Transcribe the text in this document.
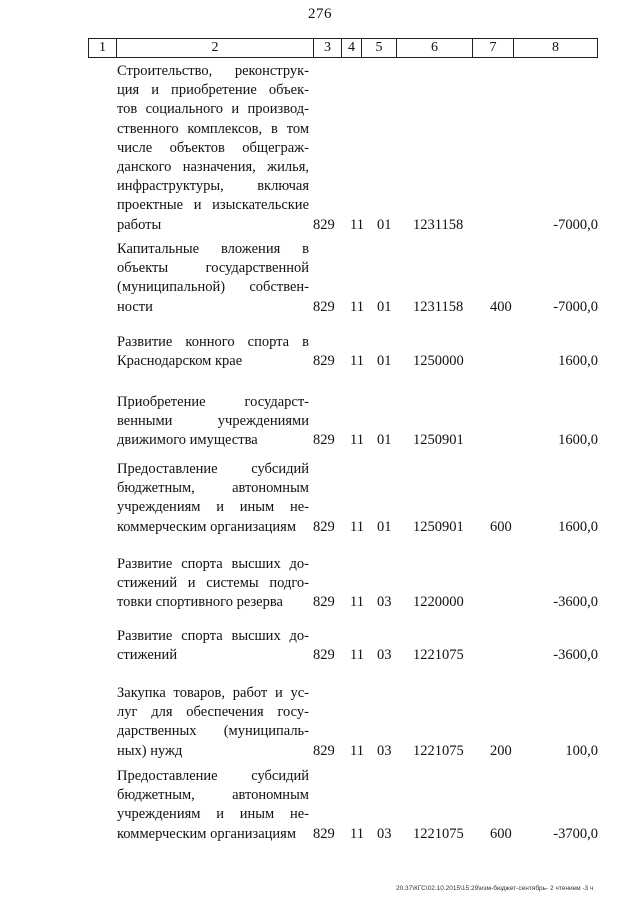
276
1	2	3	4	5	6	7	8
Строительство, реконструк-
ция и приобретение объек-
тов социального и производ-
ственного комплексов, в том
числе объектов общеграж-
данского назначения, жилья,
инфраструктуры, включая
проектные и изыскательские
работы	829 11 01 1231158	-7000,0
Капитальные вложения в
объекты государственной
(муниципальной) собствен-
ности	829 11 01 1231158 400	-7000,0
Развитие конного спорта в
Краснодарском крае	829 11 01 1250000	1600,0
Приобретение государст-
венными учреждениями
движимого имущества	829 11 01 1250901	1600,0
Предоставление субсидий
бюджетным, автономным
учреждениям и иным не-
коммерческим организациям	829 11 01 1250901 600	1600,0
Развитие спорта высших до-
стижений и системы подго-
товки спортивного резерва	829 11 03 1220000	-3600,0
Развитие спорта высших до-
стижений	829 11 03 1221075	-3600,0
Закупка товаров, работ и ус-
луг для обеспечения госу-
дарственных (муниципаль-
ных) нужд	829 11 03 1221075 200	100,0
Предоставление субсидий
бюджетным, автономным
учреждениям и иным не-
коммерческим организациям	829 11 03 1221075 600	-3700,0
20.37\КГС\02.10.2015\15:29\изм-бюджет-сентябрь- 2 чтением -3 ч
